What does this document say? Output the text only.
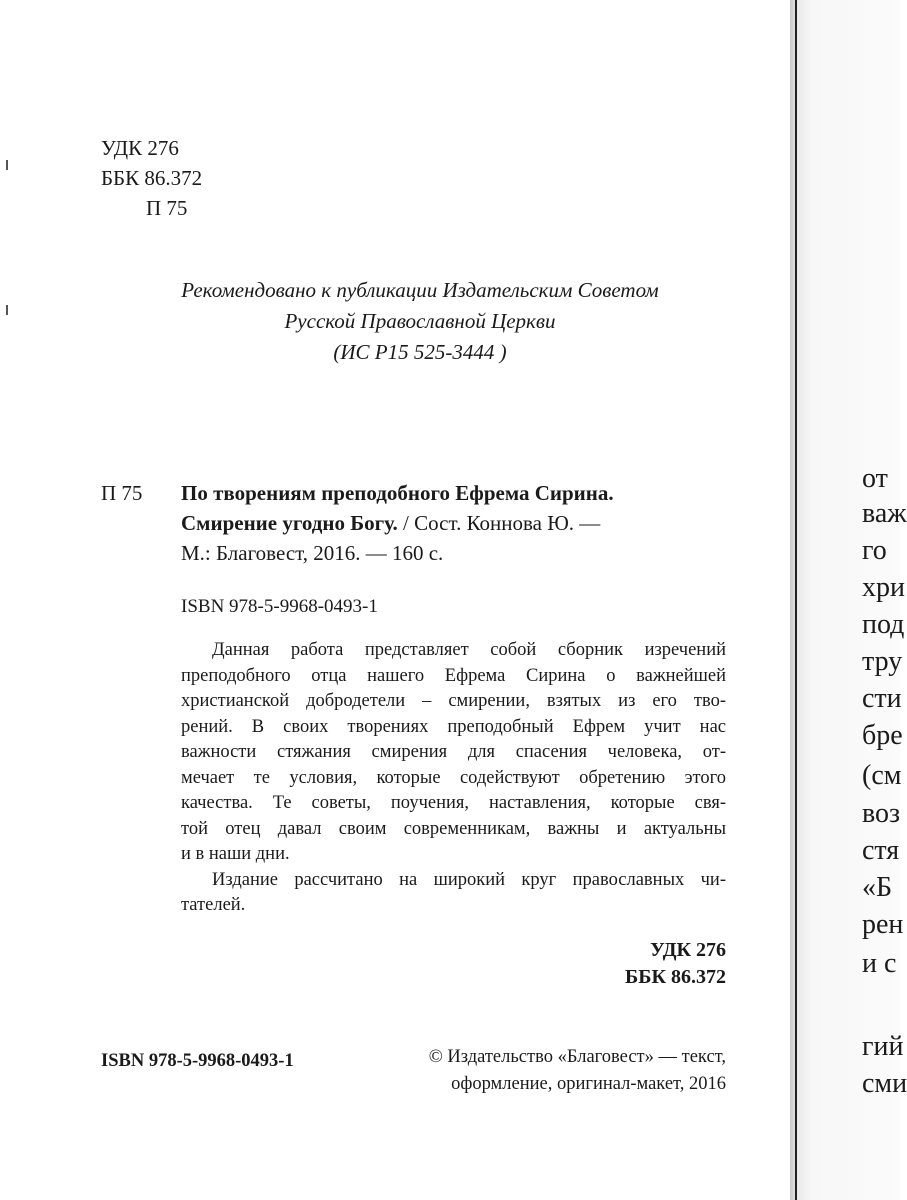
УДК 276
ББК 86.372
П 75
Рекомендовано к публикации Издательским Советом
Русской Православной Церкви
(ИС Р15 525-3444 )
П 75 По творениям преподобного Ефрема Сирина.
Смирение угодно Богу. / Сост. Коннова Ю. —
М.: Благовест, 2016. — 160 с.
ISBN 978-5-9968-0493-1
Данная работа представляет собой сборник изречений
преподобного отца нашего Ефрема Сирина о важнейшей
христианской добродетели – смирении, взятых из его тво-
рений. В своих творениях преподобный Ефрем учит нас
важности стяжания смирения для спасения человека, от-
мечает те условия, которые содействуют обретению этого
качества. Те советы, поучения, наставления, которые свя-
той отец давал своим современникам, важны и актуальны
и в наши дни.
Издание рассчитано на широкий круг православных чи-
тателей.
УДК 276
ББК 86.372
ISBN 978-5-9968-0493-1	© Издательство «Благовест» — текст,
оформление, оригинал-макет, 2016
от
важ
го
хри
под
тру
сти
бре
(см
воз
стя
«Б
рен
и с
гий
сми
